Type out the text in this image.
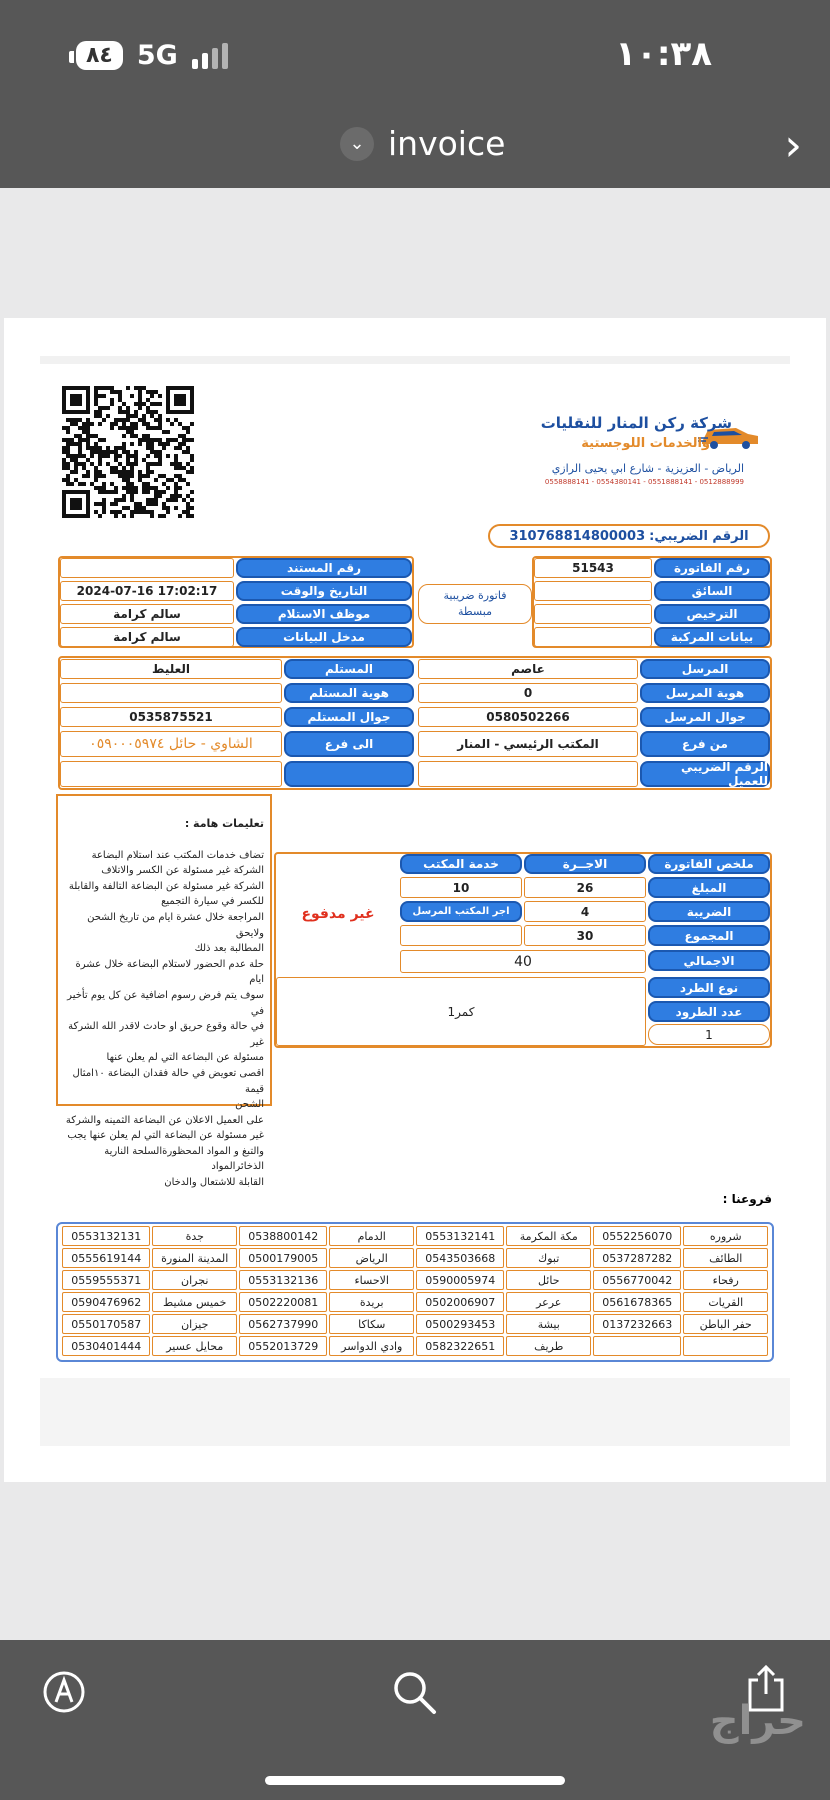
٨٤ 5G	١٠:٣٨
⌄ invoice	›
شركة ركن المنار للنقليات
والخدمات اللوجستية
الرياض - العزيزية - شارع ابي يحيى الرازي
0558888141 - 0554380141 - 0551888141 - 0512888999
الرقم الضريبي:
310768814800003
رقم الفاتورة
السائق
الترخيص
بيانات المركبة
51543
فاتورة ضريبية
مبسطة
رقم المستند
التاريخ والوقت
موظف الاستلام
مدخل البيانات
2024-07-16 17:02:17
سالم كرامة
سالم كرامة
المرسل
هوية المرسل
جوال المرسل
من فرع
الرقم الضريبي للعميل
عاصم
0
0580502266
المكتب الرئيسي - المنار
المستلم
هوية المستلم
جوال المستلم
الى فرع
العليط
0535875521
الشاوي - حائل ٠٥٩٠٠٠٥٩٧٤
تعليمات هامة :
تضاف خدمات المكتب عند استلام البضاعة
الشركة غير مسئولة عن الكسر والاتلاف
الشركة غير مسئولة عن البضاعة التالفة والقابلة
للكسر في سيارة التجميع
المراجعة خلال عشرة ايام من تاريخ الشحن ولايحق
المطالبة بعد ذلك
حلة عدم الحضور لاستلام البضاعة خلال عشرة ايام
سوف يتم فرض رسوم اضافية عن كل يوم تأخير في
في حالة وقوع حريق او حادث لاقدر الله الشركة غير
مسئولة عن البضاعة التي لم يعلن عنها
اقصى تعويض في حالة فقدان البضاعة ١٠امثال قيمة
الشحن
على العميل الاعلان عن البضاعة الثمينه والشركة
غير مسئولة عن البضاعة التي لم يعلن عنها يجب
والتبغ و المواد المحظورةالسلحة النارية الذخائرالمواد
القابلة للاشتعال والدخان
ملخص الفاتورة
الاجــرة
خدمة المكتب
المبلغ
الضريبة
المجموع
الاجمالي
نوع الطرد
عدد الطرود
26
4
30
10
اجر المكتب المرسل
40
كمر1
1
غير مدفوع
فروعنا :
شروره
0552256070
مكة المكرمة
0553132141
الدمام
0538800142
جدة
0553132131
الطائف
0537287282
تبوك
0543503668
الرياض
0500179005
المدينة المنورة
0555619144
رفحاء
0556770042
حائل
0590005974
الاحساء
0553132136
نجران
0559555371
القريات
0561678365
عرعر
0502006907
بريدة
0502220081
خميس مشيط
0590476962
حفر الباطن
0137232663
بيشة
0500293453
سكاكا
0562737990
جيزان
0550170587
طريف
0582322651
وادي الدواسر
0552013729
محايل عسير
0530401444
حراج
